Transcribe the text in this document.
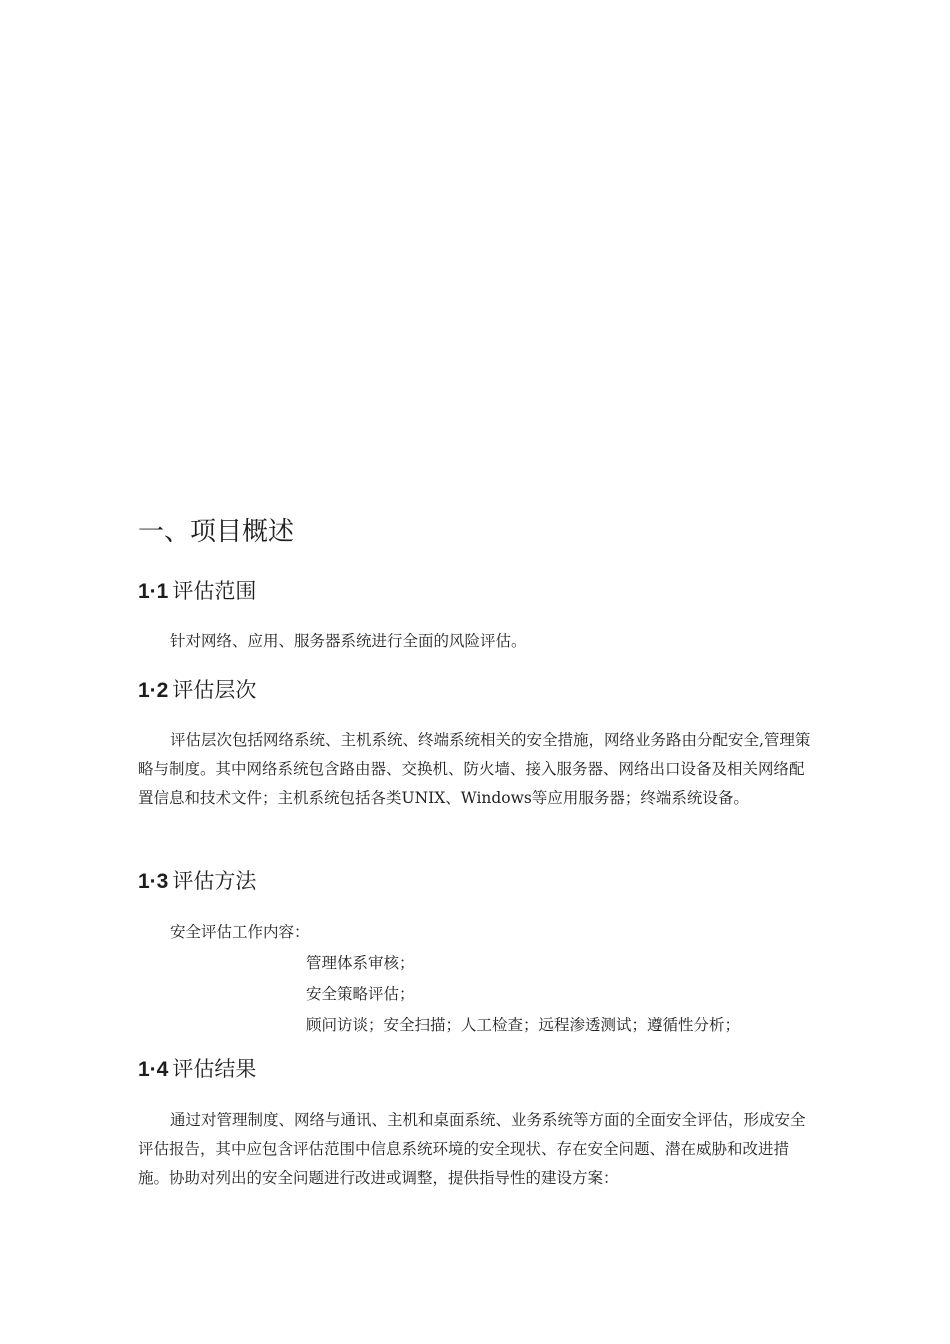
一、项目概述
1·1 评估范围

针对网络、应用、服务器系统进行全面的风险评估。

1·2 评估层次

评估层次包括网络系统、主机系统、终端系统相关的安全措施，网络业务路由分配安全,管理策略与制度。其中网络系统包含路由器、交换机、防火墙、接入服务器、网络出口设备及相关网络配置信息和技术文件；主机系统包括各类UNIX、Windows等应用服务器；终端系统设备。

1·3 评估方法
安全评估工作内容：
管理体系审核；
安全策略评估；
顾问访谈；安全扫描；人工检查；远程渗透测试；遵循性分析；
1·4 评估结果

通过对管理制度、网络与通讯、主机和桌面系统、业务系统等方面的全面安全评估，形成安全评估报告，其中应包含评估范围中信息系统环境的安全现状、存在安全问题、潜在威胁和改进措施。协助对列出的安全问题进行改进或调整，提供指导性的建设方案：
